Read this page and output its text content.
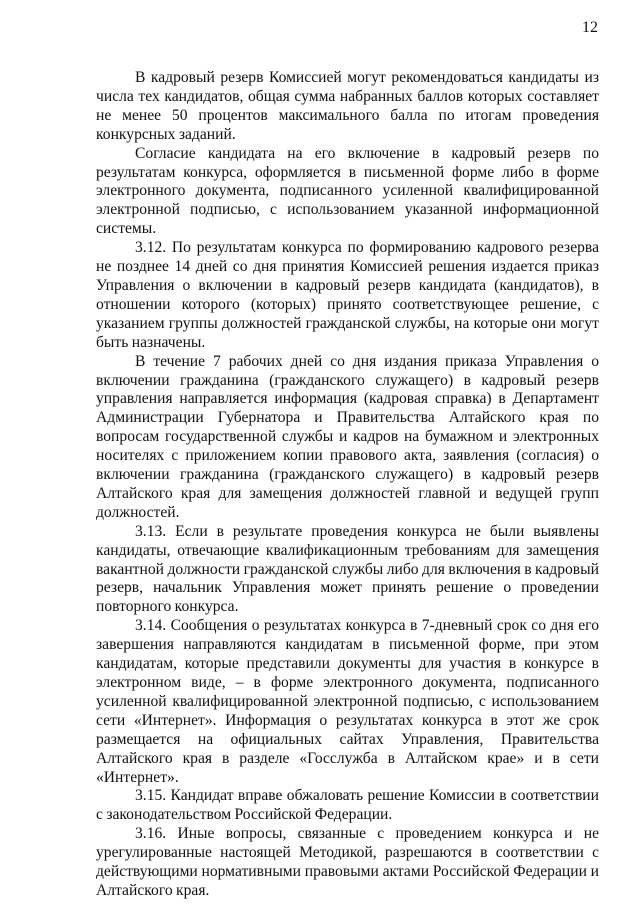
12

В кадровый резерв Комиссией могут рекомендоваться кандидаты из числа тех кандидатов, общая сумма набранных баллов которых составляет не менее 50 процентов максимального балла по итогам проведения конкурсных заданий.

Согласие кандидата на его включение в кадровый резерв по результатам конкурса, оформляется в письменной форме либо в форме электронного документа, подписанного усиленной квалифицированной электронной подписью, с использованием указанной информационной системы.

3.12. По результатам конкурса по формированию кадрового резерва не позднее 14 дней со дня принятия Комиссией решения издается приказ Управления о включении в кадровый резерв кандидата (кандидатов), в отношении которого (которых) принято соответствующее решение, с указанием группы должностей гражданской службы, на которые они могут быть назначены.

В течение 7 рабочих дней со дня издания приказа Управления о включении гражданина (гражданского служащего) в кадровый резерв управления направляется информация (кадровая справка) в Департамент Администрации Губернатора и Правительства Алтайского края по вопросам государственной службы и кадров на бумажном и электронных носителях с приложением копии правового акта, заявления (согласия) о включении гражданина (гражданского служащего) в кадровый резерв Алтайского края для замещения должностей главной и ведущей групп должностей.

3.13. Если в результате проведения конкурса не были выявлены кандидаты, отвечающие квалификационным требованиям для замещения вакантной должности гражданской службы либо для включения в кадровый резерв, начальник Управления может принять решение о проведении повторного конкурса.

3.14. Сообщения о результатах конкурса в 7-дневный срок со дня его завершения направляются кандидатам в письменной форме, при этом кандидатам, которые представили документы для участия в конкурсе в электронном виде, – в форме электронного документа, подписанного усиленной квалифицированной электронной подписью, с использованием сети «Интернет». Информация о результатах конкурса в этот же срок размещается на официальных сайтах Управления, Правительства Алтайского края в разделе «Госслужба в Алтайском крае» и в сети «Интернет».

3.15. Кандидат вправе обжаловать решение Комиссии в соответствии с законодательством Российской Федерации.

3.16. Иные вопросы, связанные с проведением конкурса и не урегулированные настоящей Методикой, разрешаются в соответствии с действующими нормативными правовыми актами Российской Федерации и Алтайского края.
